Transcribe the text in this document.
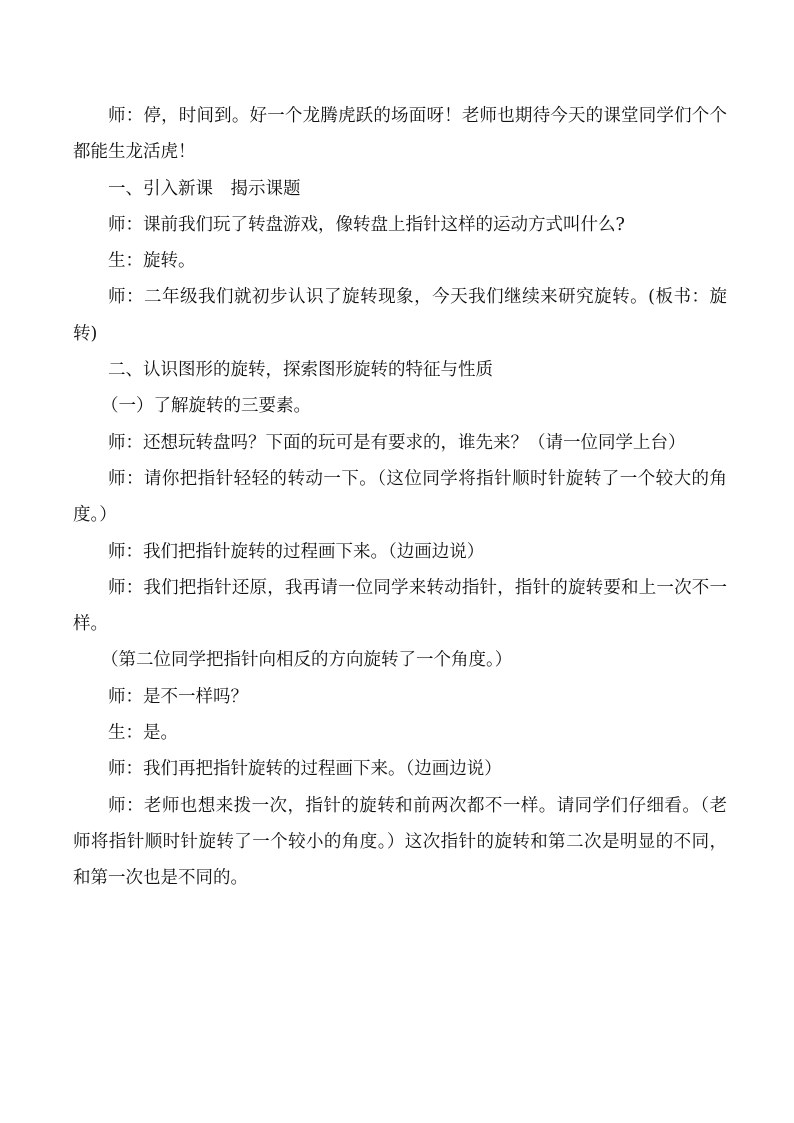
师：停，时间到。好一个龙腾虎跃的场面呀！老师也期待今天的课堂同学们个个都能生龙活虎！

一、引入新课　揭示课题

师：课前我们玩了转盘游戏，像转盘上指针这样的运动方式叫什么?

生：旋转。

师：二年级我们就初步认识了旋转现象，今天我们继续来研究旋转。(板书：旋转)

二、认识图形的旋转，探索图形旋转的特征与性质

（一）了解旋转的三要素。

师：还想玩转盘吗？下面的玩可是有要求的，谁先来？（请一位同学上台）

师：请你把指针轻轻的转动一下。（这位同学将指针顺时针旋转了一个较大的角度。）

师：我们把指针旋转的过程画下来。（边画边说）

师：我们把指针还原，我再请一位同学来转动指针，指针的旋转要和上一次不一样。

（第二位同学把指针向相反的方向旋转了一个角度。）

师：是不一样吗？

生：是。

师：我们再把指针旋转的过程画下来。（边画边说）

师：老师也想来拨一次，指针的旋转和前两次都不一样。请同学们仔细看。（老师将指针顺时针旋转了一个较小的角度。）这次指针的旋转和第二次是明显的不同，和第一次也是不同的。
